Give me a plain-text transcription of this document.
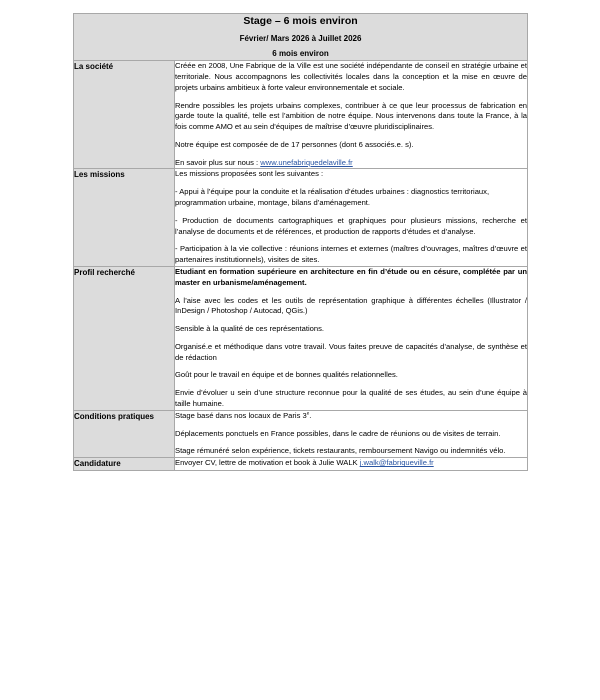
Stage – 6 mois environ
Février/ Mars 2026 à Juillet 2026
6 mois environ	

La société	Créée en 2008, Une Fabrique de la Ville est une société indépendante de conseil en stratégie urbaine et territoriale. Nous accompagnons les collectivités locales dans la conception et la mise en œuvre de projets urbains ambitieux à forte valeur environnementale et sociale.

Rendre possibles les projets urbains complexes, contribuer à ce que leur processus de fabrication en garde toute la qualité, telle est l’ambition de notre équipe. Nous intervenons dans toute la France, à la fois comme AMO et au sein d’équipes de maîtrise d’œuvre pluridisciplinaires.

Notre équipe est composée de de 17 personnes (dont 6 associés.e. s).

En savoir plus sur nous : www.unefabriquedelaville.fr

Les missions	Les missions proposées sont les suivantes :

- Appui à l’équipe pour la conduite et la réalisation d’études urbaines : diagnostics territoriaux, programmation urbaine, montage, bilans d’aménagement.

- Production de documents cartographiques et graphiques pour plusieurs missions, recherche et l’analyse de documents et de références, et production de rapports d’études et d’analyse.

- Participation à la vie collective : réunions internes et externes (maîtres d’ouvrages, maîtres d’œuvre et partenaires institutionnels), visites de sites.

Profil recherché	Etudiant en formation supérieure en architecture en fin d’étude ou en césure, complétée par un master en urbanisme/aménagement.

A l’aise avec les codes et les outils de représentation graphique à différentes échelles (Illustrator / InDesign / Photoshop / Autocad, QGis.)

Sensible à la qualité de ces représentations.

Organisé.e et méthodique dans votre travail. Vous faites preuve de capacités d’analyse, de synthèse et de rédaction

Goût pour le travail en équipe et de bonnes qualités relationnelles.

Envie d’évoluer u sein d’une structure reconnue pour la qualité de ses études, au sein d’une équipe à taille humaine.

Conditions pratiques	Stage basé dans nos locaux de Paris 3e.

Déplacements ponctuels en France possibles, dans le cadre de réunions ou de visites de terrain.

Stage rémunéré selon expérience, tickets restaurants, remboursement Navigo ou indemnités vélo.

Candidature	Envoyer CV, lettre de motivation et book à Julie WALK j.walk@fabriqueville.fr
